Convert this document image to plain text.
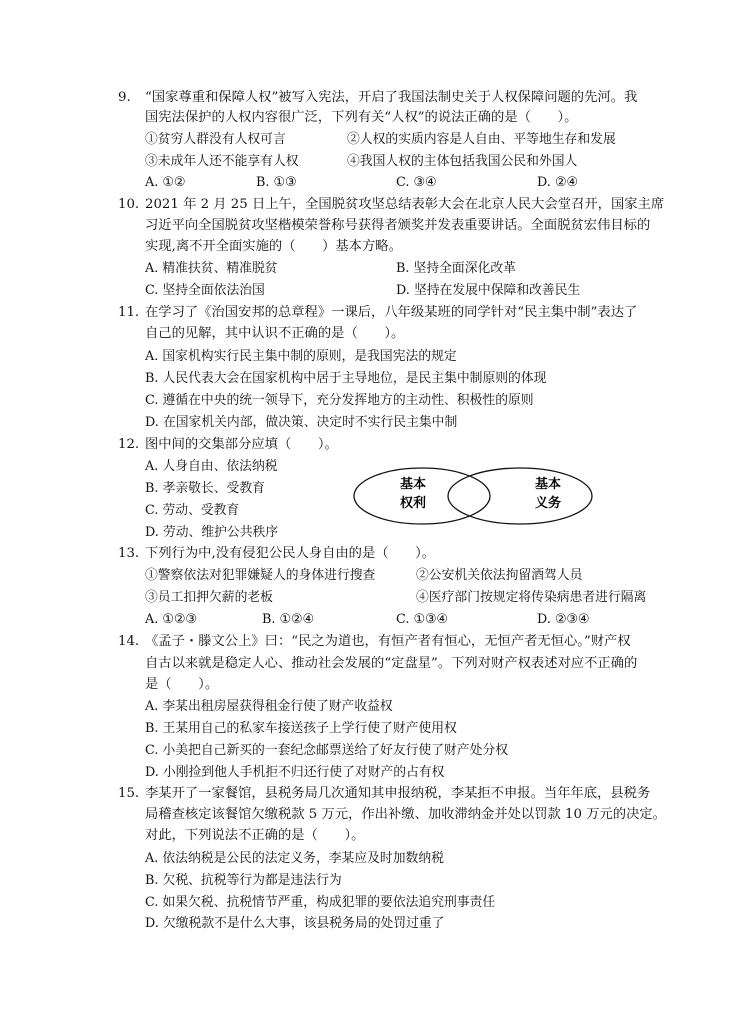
9. “国家尊重和保障人权”被写入宪法，开启了我国法制史关于人权保障问题的先河。我
国宪法保护的人权内容很广泛，下列有关“人权”的说法正确的是（　　）。
①贫穷人群没有人权可言	②人权的实质内容是人自由、平等地生存和发展
③未成年人还不能享有人权	④我国人权的主体包括我国公民和外国人
A. ①②	B. ①③	C. ③④	D. ②④
10. 2021 年 2 月 25 日上午，全国脱贫攻坚总结表彰大会在北京人民大会堂召开，国家主席
习近平向全国脱贫攻坚楷模荣誉称号获得者颁奖并发表重要讲话。全面脱贫宏伟目标的
实现,离不开全面实施的（　　）基本方略。
A. 精准扶贫、精准脱贫	B. 坚持全面深化改革
C. 坚持全面依法治国	D. 坚持在发展中保障和改善民生
11. 在学习了《治国安邦的总章程》一课后，八年级某班的同学针对“民主集中制”表达了
自己的见解，其中认识不正确的是（　　）。
A. 国家机构实行民主集中制的原则，是我国宪法的规定
B. 人民代表大会在国家机构中居于主导地位，是民主集中制原则的体现
C. 遵循在中央的统一领导下，充分发挥地方的主动性、积极性的原则
D. 在国家机关内部，做决策、决定时不实行民主集中制
12. 图中间的交集部分应填（　　）。
A. 人身自由、依法纳税
B. 孝亲敬长、受教育
C. 劳动、受教育
D. 劳动、维护公共秩序
基本
权利
基本
义务
13. 下列行为中,没有侵犯公民人身自由的是（　　）。
①警察依法对犯罪嫌疑人的身体进行搜查	②公安机关依法拘留酒驾人员
③员工扣押欠薪的老板	④医疗部门按规定将传染病患者进行隔离
A. ①②③	B. ①②④	C. ①③④	D. ②③④
14. 《孟子・滕文公上》曰：“民之为道也，有恒产者有恒心，无恒产者无恒心。”财产权
自古以来就是稳定人心、推动社会发展的“定盘星”。下列对财产权表述对应不正确的
是（　　）。
A. 李某出租房屋获得租金行使了财产收益权
B. 王某用自己的私家车接送孩子上学行使了财产使用权
C. 小美把自己新买的一套纪念邮票送给了好友行使了财产处分权
D. 小刚捡到他人手机拒不归还行使了对财产的占有权
15. 李某开了一家餐馆，县税务局几次通知其申报纳税，李某拒不申报。当年年底，县税务
局稽查核定该餐馆欠缴税款 5 万元，作出补缴、加收滞纳金并处以罚款 10 万元的决定。
对此，下列说法不正确的是（　　）。
A. 依法纳税是公民的法定义务，李某应及时加数纳税
B. 欠税、抗税等行为都是违法行为
C. 如果欠税、抗税情节严重，构成犯罪的要依法追究刑事责任
D. 欠缴税款不是什么大事，该县税务局的处罚过重了
